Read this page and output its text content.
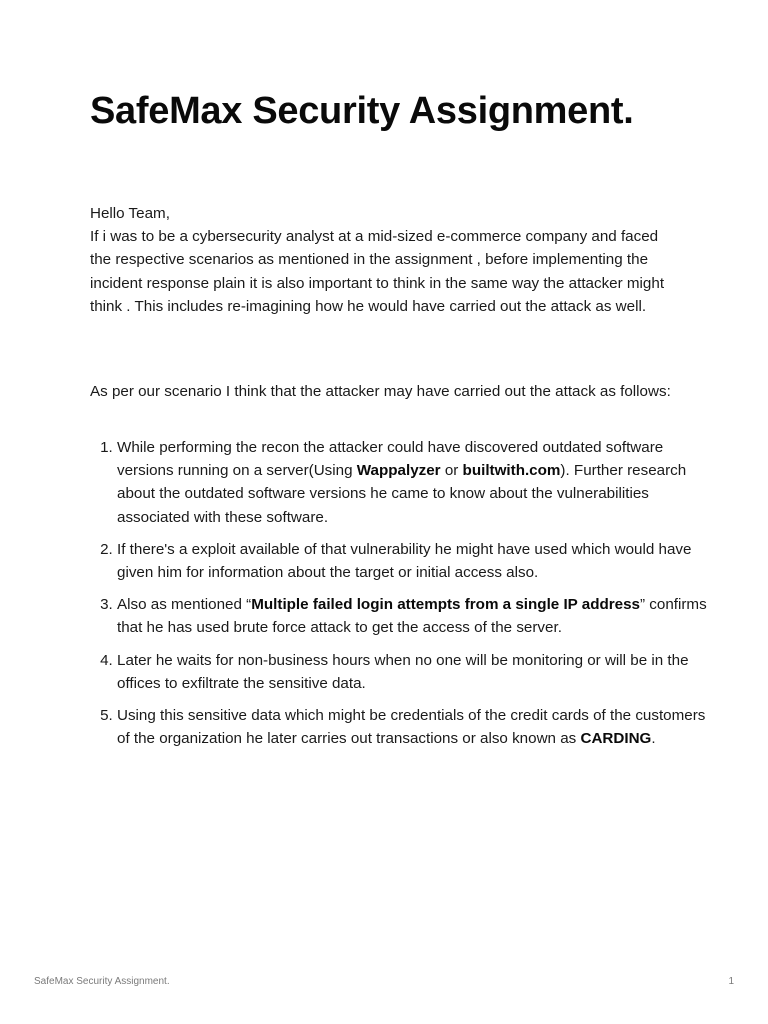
SafeMax Security Assignment.

Hello Team,

If i was to be a cybersecurity analyst at a mid-sized e-commerce company and faced the respective scenarios as mentioned in the assignment , before implementing the incident response plain it is also important to think in the same way the attacker might think . This includes re-imagining how he would have carried out the attack as well.

As per our scenario I think that the attacker may have carried out the attack as follows:

1. While performing the recon the attacker could have discovered outdated software versions running on a server(Using Wappalyzer or builtwith.com). Further research about the outdated software versions he came to know about the vulnerabilities associated with these software.
2. If there's a exploit available of that vulnerability he might have used which would have given him for information about the target or initial access also.
3. Also as mentioned “Multiple failed login attempts from a single IP address” confirms that he has used brute force attack to get the access of the server.
4. Later he waits for non-business hours when no one will be monitoring or will be in the offices to exfiltrate the sensitive data.
5. Using this sensitive data which might be credentials of the credit cards of the customers of the organization he later carries out transactions or also known as CARDING.
SafeMax Security Assignment.	1
